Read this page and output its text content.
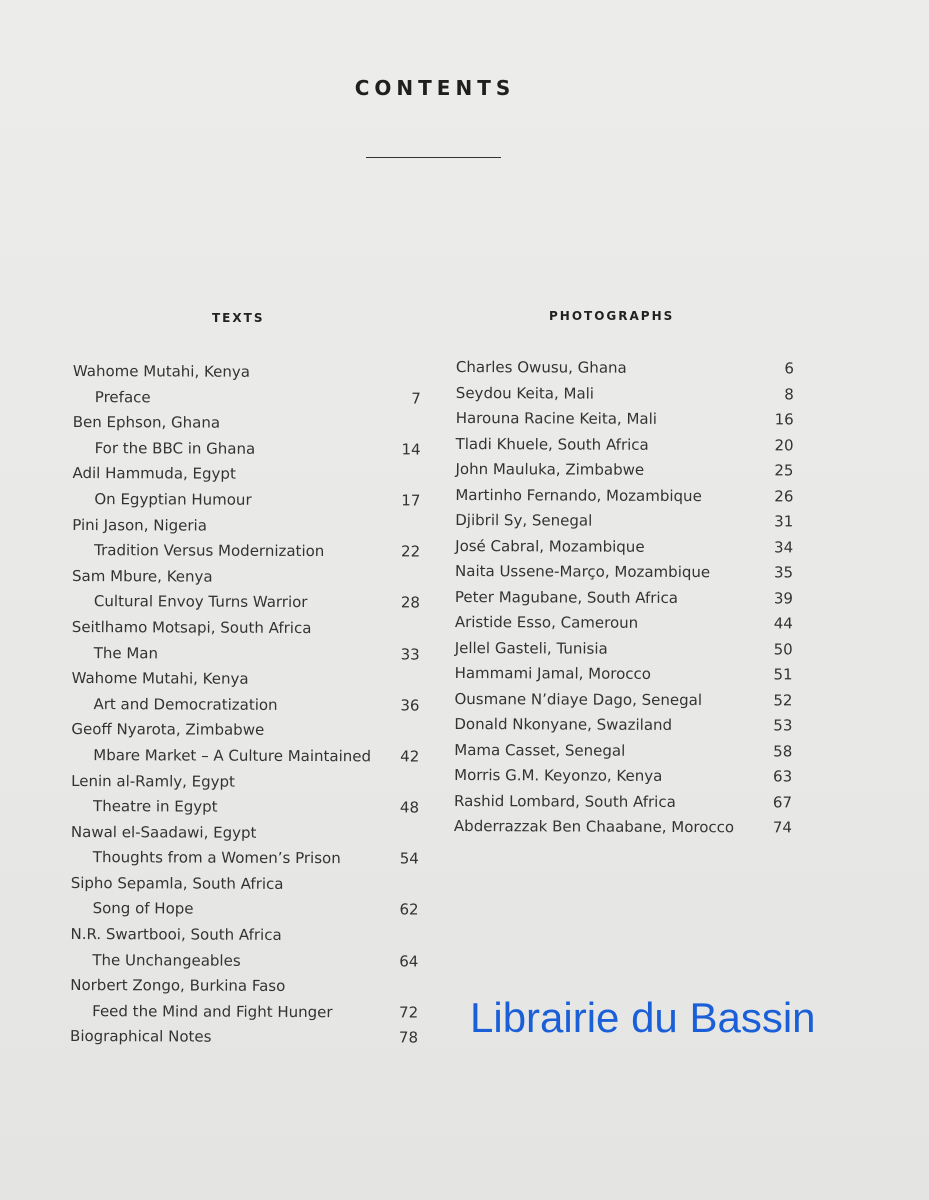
CONTENTS
TEXTS	PHOTOGRAPHS
Wahome Mutahi, Kenya
Preface	7
Ben Ephson, Ghana
For the BBC in Ghana	14
Adil Hammuda, Egypt
On Egyptian Humour	17
Pini Jason, Nigeria
Tradition Versus Modernization	22
Sam Mbure, Kenya
Cultural Envoy Turns Warrior	28
Seitlhamo Motsapi, South Africa
The Man	33
Wahome Mutahi, Kenya
Art and Democratization	36
Geoff Nyarota, Zimbabwe
Mbare Market – A Culture Maintained 42
Lenin al-Ramly, Egypt
Theatre in Egypt	48
Nawal el-Saadawi, Egypt
Thoughts from a Women’s Prison	54
Sipho Sepamla, South Africa
Song of Hope	62
N.R. Swartbooi, South Africa
The Unchangeables	64
Norbert Zongo, Burkina Faso
Feed the Mind and Fight Hunger	72
Biographical Notes	78
Charles Owusu, Ghana	6
Seydou Keita, Mali	8
Harouna Racine Keita, Mali	16
Tladi Khuele, South Africa	20
John Mauluka, Zimbabwe	25
Martinho Fernando, Mozambique	26
Djibril Sy, Senegal	31
José Cabral, Mozambique	34
Naita Ussene-Março, Mozambique	35
Peter Magubane, South Africa	39
Aristide Esso, Cameroun	44
Jellel Gasteli, Tunisia	50
Hammami Jamal, Morocco	51
Ousmane N’diaye Dago, Senegal	52
Donald Nkonyane, Swaziland	53
Mama Casset, Senegal	58
Morris G.M. Keyonzo, Kenya	63
Rashid Lombard, South Africa	67
Abderrazzak Ben Chaabane, Morocco	74
Librairie du Bassin
